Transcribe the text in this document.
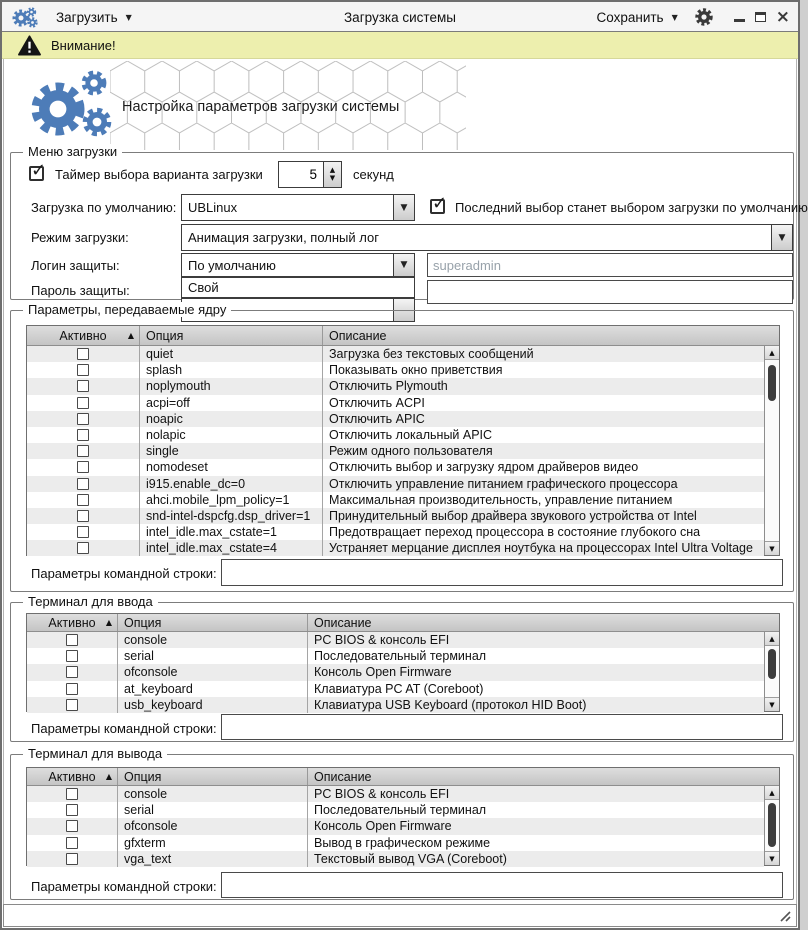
Загрузить ▼	Загрузка системы	Сохранить ▼	×
Внимание!
Настройка параметров загрузки системы
Меню загрузки
✓
Таймер выбора варианта загрузки
5	▲
▼ секунд
Загрузка по умолчанию: UBLinux	▼ ✓	Последний выбор станет выбором загрузки по умолчанию
Режим загрузки:	Анимация загрузки, полный лог	▼
Логин защиты:	По умолчанию	▼
superadmin
Пароль защиты:	Свой
Параметры, передаваемые ядру
Активно	▲ Опция	Описание
quiet	Загрузка без текстовых сообщений
splash	Показывать окно приветствия
noplymouth	Отключить Plymouth
acpi=off	Отключить ACPI
noapic	Отключить APIC
nolapic	Отключить локальный APIC
single	Режим одного пользователя
nomodeset	Отключить выбор и загрузку ядром драйверов видео
i915.enable_dc=0	Отключить управление питанием графического процессора
ahci.mobile_lpm_policy=1	Максимальная производительность, управление питанием
snd-intel-dspcfg.dsp_driver=1	Принудительный выбор драйвера звукового устройства от Intel
intel_idle.max_cstate=1	Предотвращает переход процессора в состояние глубокого сна
intel_idle.max_cstate=4	Устраняет мерцание дисплея ноутбука на процессорах Intel Ultra Voltage
▲
▼
Параметры командной строки:
Терминал для ввода
Активно ▲ Опция	Описание
console	PC BIOS & консоль EFI
serial	Последовательный терминал
ofconsole	Консоль Open Firmware
at_keyboard	Клавиатура PC AT (Coreboot)
usb_keyboard	Клавиатура USB Keyboard (протокол HID Boot)
▲
▼
Параметры командной строки:
Терминал для вывода
Активно ▲ Опция	Описание
console	PC BIOS & консоль EFI
serial	Последовательный терминал
ofconsole	Консоль Open Firmware
gfxterm	Вывод в графическом режиме
vga_text	Текстовый вывод VGA (Coreboot)
▲
▼
Параметры командной строки:
